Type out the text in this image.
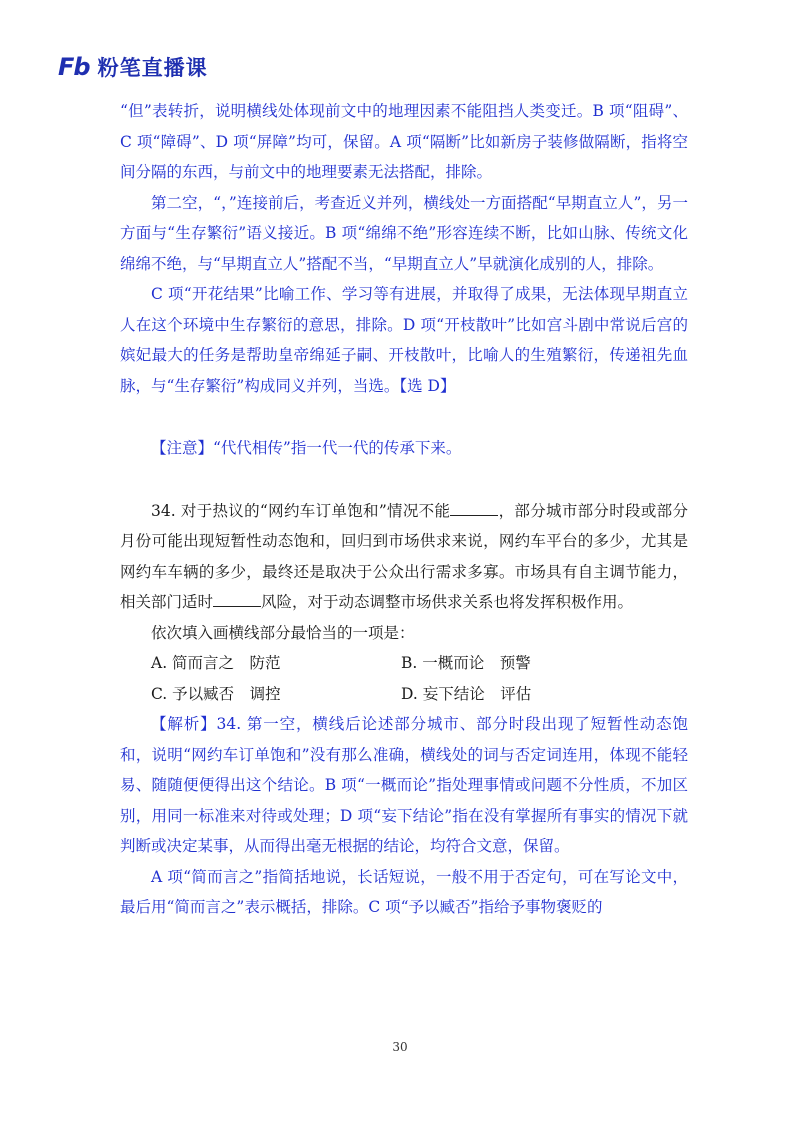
Fb 粉笔直播课

“但”表转折，说明横线处体现前文中的地理因素不能阻挡人类变迁。B 项“阻碍”、C 项“障碍”、D 项“屏障”均可，保留。A 项“隔断”比如新房子装修做隔断，指将空间分隔的东西，与前文中的地理要素无法搭配，排除。

第二空，“，”连接前后，考查近义并列，横线处一方面搭配“早期直立人”，另一方面与“生存繁衍”语义接近。B 项“绵绵不绝”形容连续不断，比如山脉、传统文化绵绵不绝，与“早期直立人”搭配不当，“早期直立人”早就演化成别的人，排除。

C 项“开花结果”比喻工作、学习等有进展，并取得了成果，无法体现早期直立人在这个环境中生存繁衍的意思，排除。D 项“开枝散叶”比如宫斗剧中常说后宫的嫔妃最大的任务是帮助皇帝绵延子嗣、开枝散叶，比喻人的生殖繁衍，传递祖先血脉，与“生存繁衍”构成同义并列，当选。【选 D】

【注意】“代代相传”指一代一代的传承下来。

34. 对于热议的“网约车订单饱和”情况不能	，部分城市部分时段或部分月份可能出现短暂性动态饱和，回归到市场供求来说，网约车平台的多少，尤其是网约车车辆的多少，最终还是取决于公众出行需求多寡。市场具有自主调节能力，相关部门适时	风险，对于动态调整市场供求关系也将发挥积极作用。

依次填入画横线部分最恰当的一项是：

A. 简而言之　防范	B. 一概而论　预警
C. 予以臧否　调控	D. 妄下结论　评估

【解析】34. 第一空，横线后论述部分城市、部分时段出现了短暂性动态饱和，说明“网约车订单饱和”没有那么准确，横线处的词与否定词连用，体现不能轻易、随随便便得出这个结论。B 项“一概而论”指处理事情或问题不分性质，不加区别，用同一标准来对待或处理；D 项“妄下结论”指在没有掌握所有事实的情况下就判断或决定某事，从而得出毫无根据的结论，均符合文意，保留。

A 项“简而言之”指简括地说，长话短说，一般不用于否定句，可在写论文中，最后用“简而言之”表示概括，排除。C 项“予以臧否”指给予事物褒贬的

30
